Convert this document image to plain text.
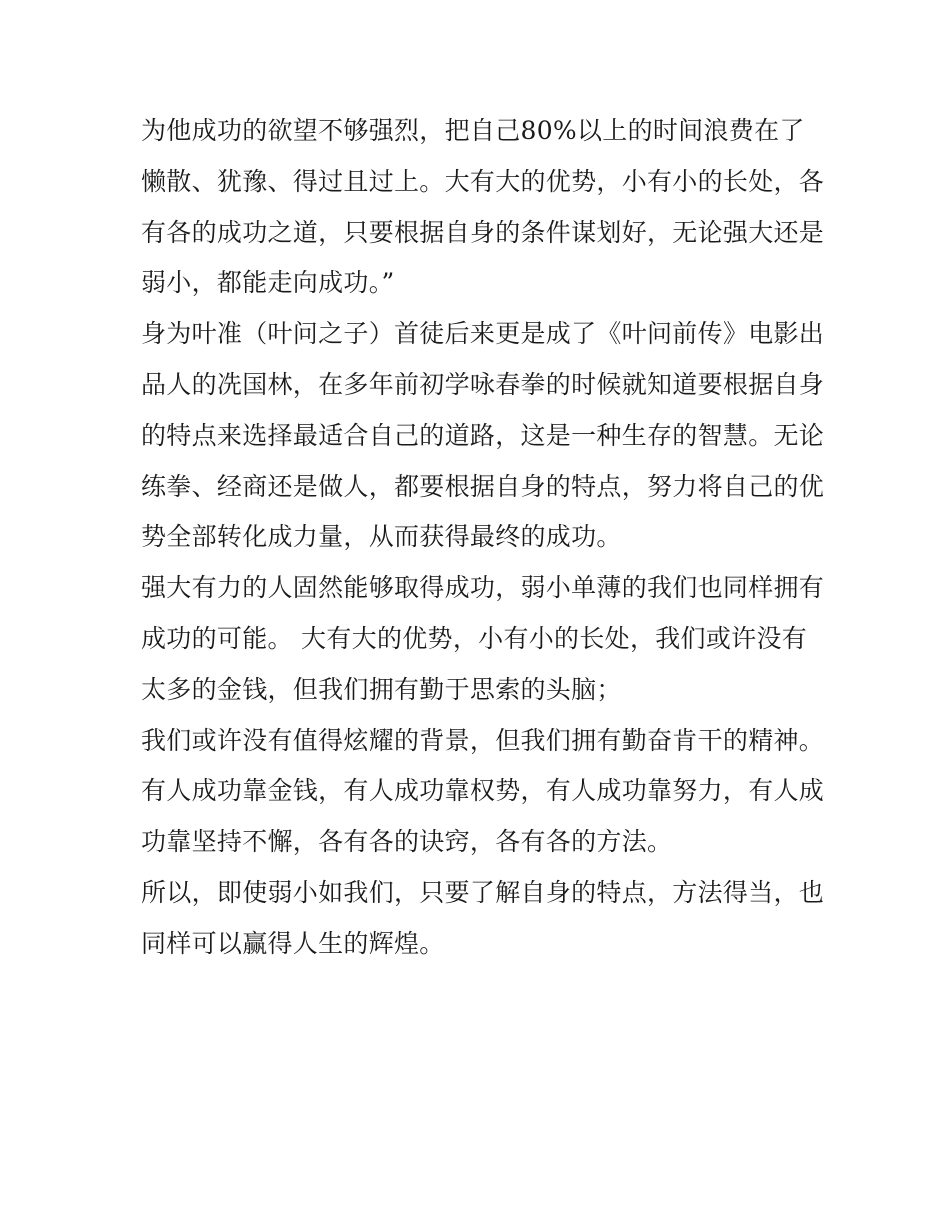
为他成功的欲望不够强烈，把自己80%以上的时间浪费在了
懒散、犹豫、得过且过上。大有大的优势，小有小的长处，各
有各的成功之道，只要根据自身的条件谋划好，无论强大还是
弱小，都能走向成功。”
身为叶准（叶问之子）首徒后来更是成了《叶问前传》电影出
品人的冼国林，在多年前初学咏春拳的时候就知道要根据自身
的特点来选择最适合自己的道路，这是一种生存的智慧。无论
练拳、经商还是做人，都要根据自身的特点，努力将自己的优
势全部转化成力量，从而获得最终的成功。
强大有力的人固然能够取得成功，弱小单薄的我们也同样拥有
成功的可能。 大有大的优势，小有小的长处，我们或许没有
太多的金钱，但我们拥有勤于思索的头脑；
我们或许没有值得炫耀的背景，但我们拥有勤奋肯干的精神。
有人成功靠金钱，有人成功靠权势，有人成功靠努力，有人成
功靠坚持不懈，各有各的诀窍，各有各的方法。
所以，即使弱小如我们，只要了解自身的特点，方法得当，也
同样可以赢得人生的辉煌。
